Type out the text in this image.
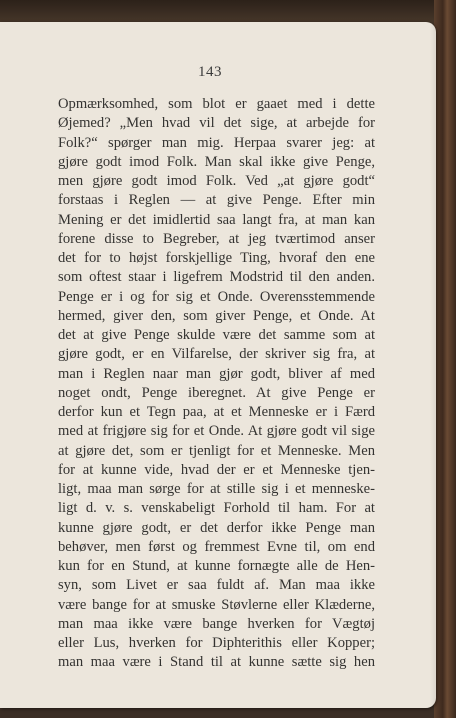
143
Opmærksomhed, som blot er gaaet med i dette
Øjemed? „Men hvad vil det sige, at arbejde for
Folk?“ spørger man mig. Herpaa svarer jeg: at
gjøre godt imod Folk. Man skal ikke give Penge,
men gjøre godt imod Folk. Ved „at gjøre godt“
forstaas i Reglen — at give Penge. Efter min
Mening er det imidlertid saa langt fra, at man kan
forene disse to Begreber, at jeg tværtimod anser
det for to højst forskjellige Ting, hvoraf den ene
som oftest staar i ligefrem Modstrid til den anden.
Penge er i og for sig et Onde. Overensstemmende
hermed, giver den, som giver Penge, et Onde. At
det at give Penge skulde være det samme som at
gjøre godt, er en Vilfarelse, der skriver sig fra, at
man i Reglen naar man gjør godt, bliver af med
noget ondt, Penge iberegnet. At give Penge er
derfor kun et Tegn paa, at et Menneske er i Færd
med at frigjøre sig for et Onde. At gjøre godt vil sige
at gjøre det, som er tjenligt for et Menneske. Men
for at kunne vide, hvad der er et Menneske tjen-
ligt, maa man sørge for at stille sig i et menneske-
ligt d. v. s. venskabeligt Forhold til ham. For at
kunne gjøre godt, er det derfor ikke Penge man
behøver, men først og fremmest Evne til, om end
kun for en Stund, at kunne fornægte alle de Hen-
syn, som Livet er saa fuldt af. Man maa ikke
være bange for at smuske Støvlerne eller Klæderne,
man maa ikke være bange hverken for Vægtøj
eller Lus, hverken for Diphterithis eller Kopper;
man maa være i Stand til at kunne sætte sig hen
